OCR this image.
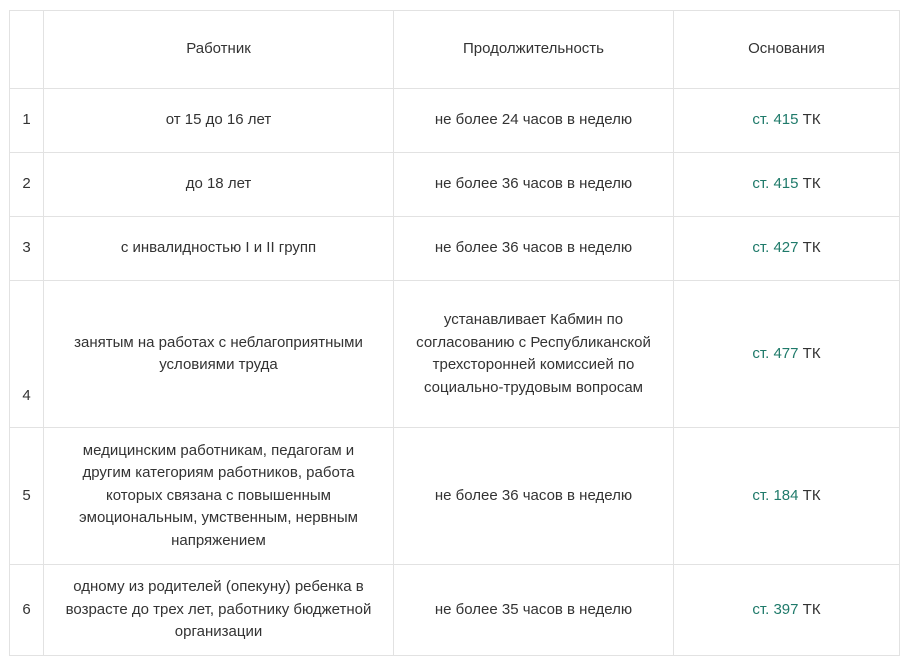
	Работник	Продолжительность	Основания
1	от 15 до 16 лет	не более 24 часов в неделю	ст. 415 ТК
2	до 18 лет	не более 36 часов в неделю	ст. 415 ТК
3	с инвалидностью I и II групп	не более 36 часов в неделю	ст. 427 ТК
4	занятым на работах с неблагоприятными условиями труда	устанавливает Кабмин по согласованию с Республиканской трехсторонней комиссией по социально-трудовым вопросам	ст. 477 ТК
5	медицинским работникам, педагогам и другим категориям работников, работа которых связана с повышенным эмоциональным, умственным, нервным напряжением	не более 36 часов в неделю	ст. 184 ТК
6	одному из родителей (опекуну) ребенка в возрасте до трех лет, работнику бюджетной организации	не более 35 часов в неделю	ст. 397 ТК
